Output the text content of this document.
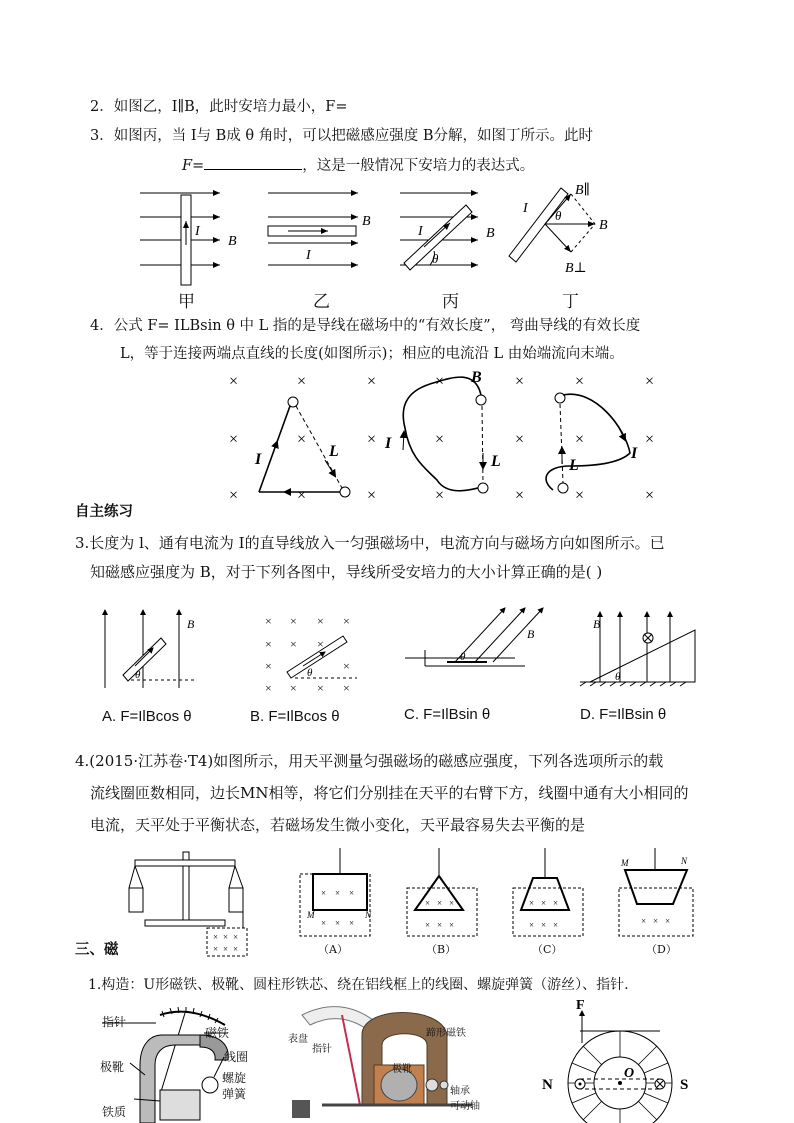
2．如图乙，I∥B，此时安培力最小，F=
3．如图丙，当 I与 B成 θ 角时，可以把磁感应强度 B分解，如图丁所示。此时
F=	，这是一般情况下安培力的表达式。
I
B
甲
B
I
乙
I	B
θ
丙
I θ
B∥
B
B⊥
丁
4．公式 F= ILBsin θ 中 L 指的是导线在磁场中的“有效长度”， 弯曲导线的有效长度
L，等于连接两端点直线的长度(如图所示)；相应的电流沿 L 由始端流向末端。
×	×	×	×	×	×	×
×	×	×	×	×	×	×
×	×	×	×	×	×	×
I	L
B
I
L	L
I
自主练习
3.长度为 l、通有电流为 I的直导线放入一匀强磁场中，电流方向与磁场方向如图所示。已
知磁感应强度为 B，对于下列各图中，导线所受安培力的大小计算正确的是( )
θ
B	× × × ×
× × ×
×	×
× × × ×
θ
θ
B
θ
B
A. F=IlBcos θ	B. F=IlBcos θ	C. F=IlBsin θ	D. F=IlBsin θ
4.(2015·江苏卷·T4)如图所示，用天平测量匀强磁场的磁感应强度，下列各选项所示的载
流线圈匝数相同，边长MN相等，将它们分别挂在天平的右臂下方，线圈中通有大小相同的
电流，天平处于平衡状态，若磁场发生微小变化，天平最容易失去平衡的是
× × ×
× × ×
× × ×
× × ×
M	N
× × ×
× × ×
× × ×
× × ×
M	N
× × ×
（A）	（B）	（C）	（D）
三、磁
1.构造：U形磁铁、极靴、圆柱形铁芯、绕在铝线框上的线圈、螺旋弹簧（游丝）、指针.
指针
磁铁
极靴
线圈
螺旋
弹簧
铁质
表盘
指针
蹄形磁铁
极靴
轴承
可动轴
F
N
O
S
